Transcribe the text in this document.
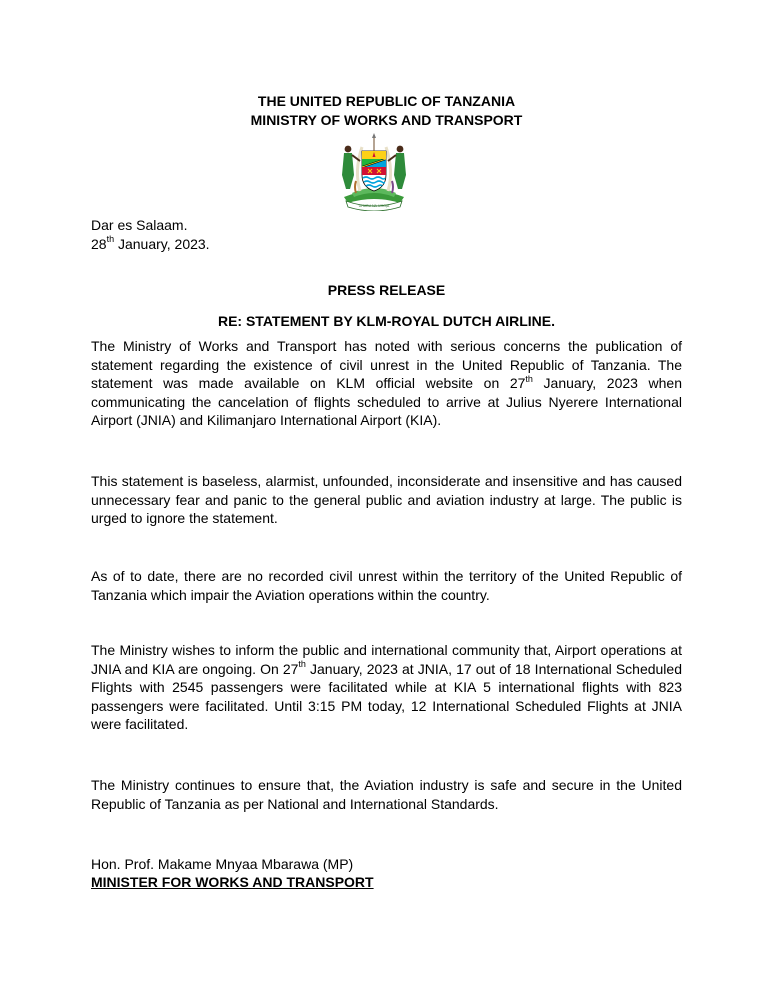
THE UNITED REPUBLIC OF TANZANIA
MINISTRY OF WORKS AND TRANSPORT
UHURU NA UMOJA
Dar es Salaam.
28th January, 2023.
PRESS RELEASE
RE: STATEMENT BY KLM-ROYAL DUTCH AIRLINE.

The Ministry of Works and Transport has noted with serious concerns the publication of statement regarding the existence of civil unrest in the United Republic of Tanzania. The statement was made available on KLM official website on 27th January, 2023 when communicating the cancelation of flights scheduled to arrive at Julius Nyerere International Airport (JNIA) and Kilimanjaro International Airport (KIA).

This statement is baseless, alarmist, unfounded, inconsiderate and insensitive and has caused unnecessary fear and panic to the general public and aviation industry at large. The public is urged to ignore the statement.

As of to date, there are no recorded civil unrest within the territory of the United Republic of Tanzania which impair the Aviation operations within the country.

The Ministry wishes to inform the public and international community that, Airport operations at JNIA and KIA are ongoing. On 27th January, 2023 at JNIA, 17 out of 18 International Scheduled Flights with 2545 passengers were facilitated while at KIA 5 international flights with 823 passengers were facilitated. Until 3:15 PM today, 12 International Scheduled Flights at JNIA were facilitated.

The Ministry continues to ensure that, the Aviation industry is safe and secure in the United Republic of Tanzania as per National and International Standards.

Hon. Prof. Makame Mnyaa Mbarawa (MP)
MINISTER FOR WORKS AND TRANSPORT
